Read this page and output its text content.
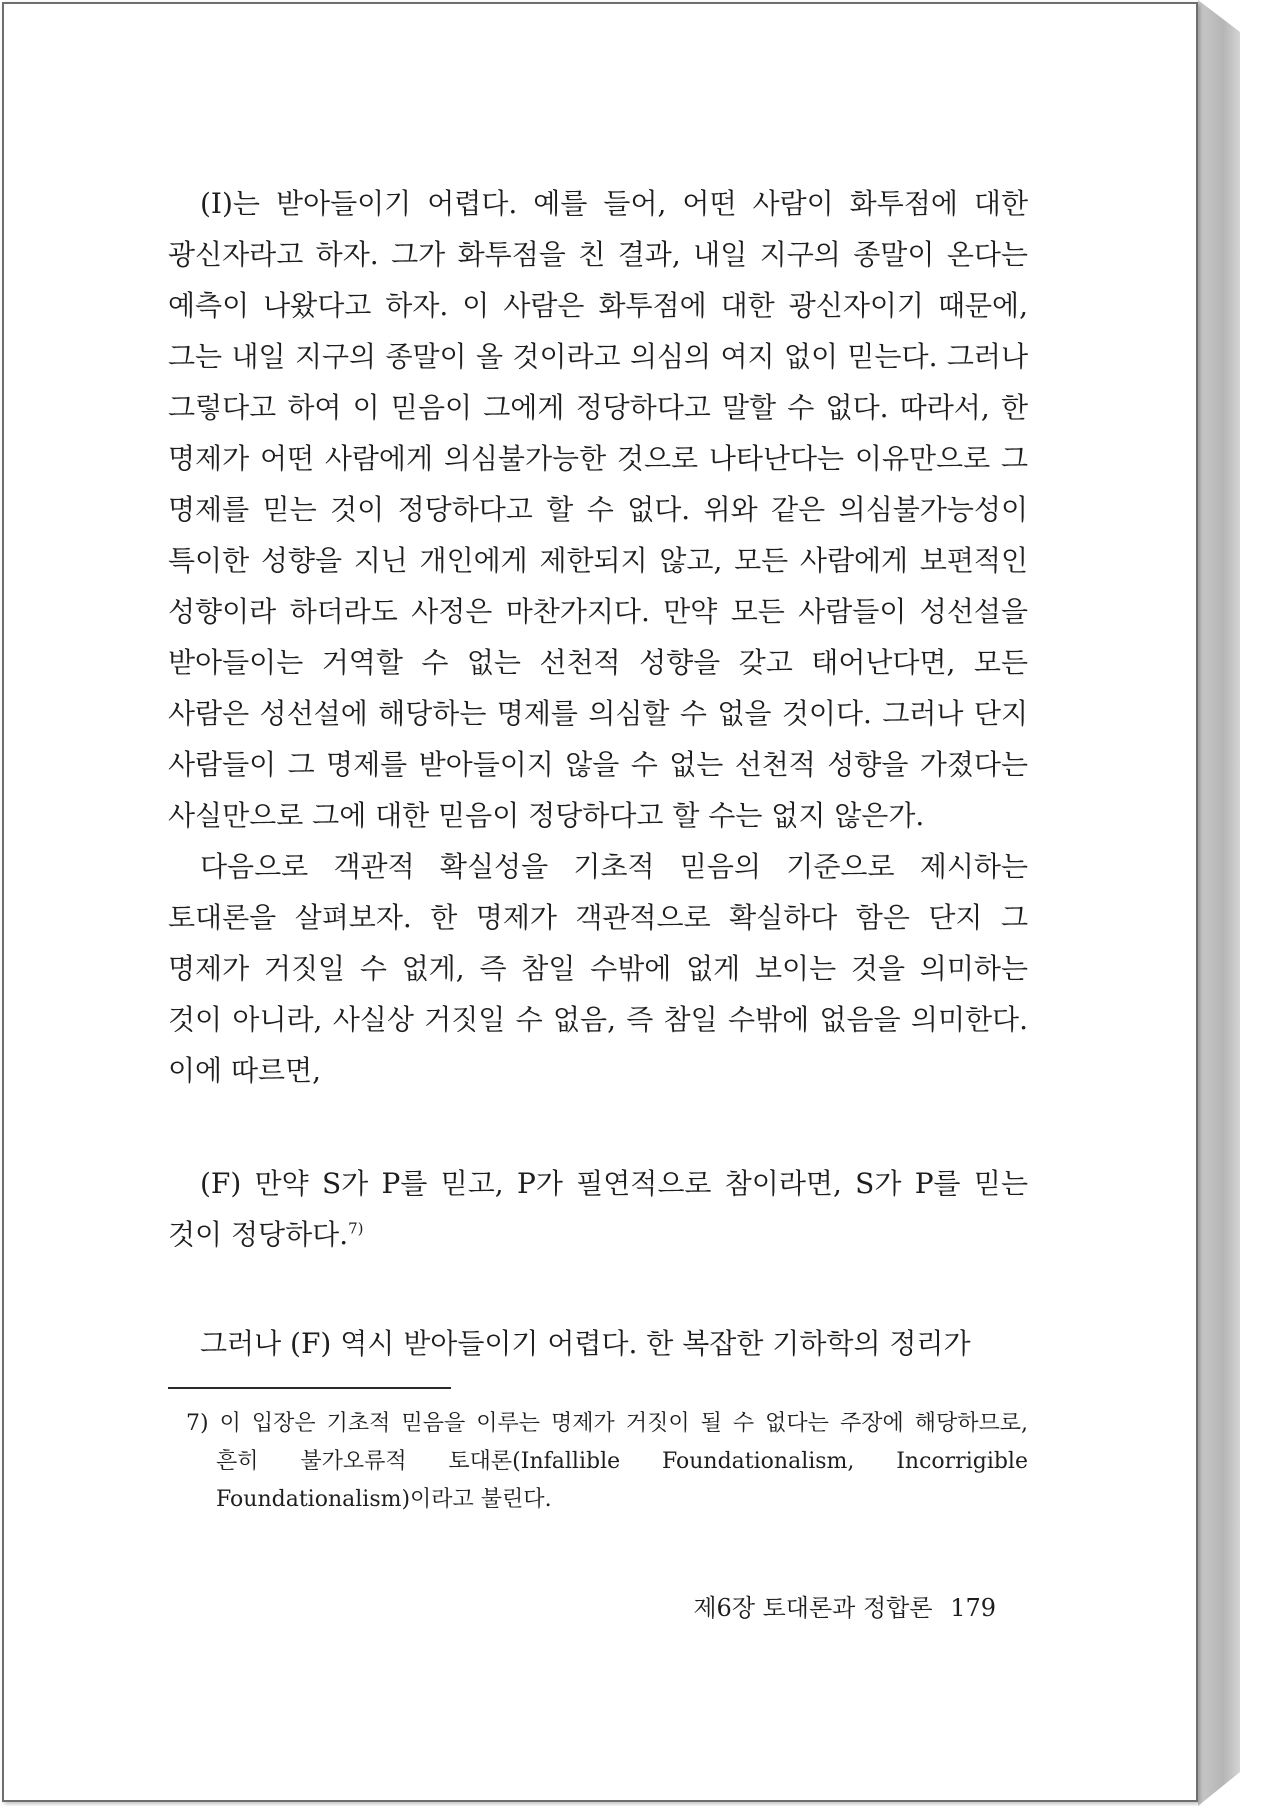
(I)는 받아들이기 어렵다. 예를 들어, 어떤 사람이 화투점에 대한 광신자라고 하자. 그가 화투점을 친 결과, 내일 지구의 종말이 온다는 예측이 나왔다고 하자. 이 사람은 화투점에 대한 광신자이기 때문에, 그는 내일 지구의 종말이 올 것이라고 의심의 여지 없이 믿는다. 그러나 그렇다고 하여 이 믿음이 그에게 정당하다고 말할 수 없다. 따라서, 한 명제가 어떤 사람에게 의심불가능한 것으로 나타난다는 이유만으로 그 명제를 믿는 것이 정당하다고 할 수 없다. 위와 같은 의심불가능성이 특이한 성향을 지닌 개인에게 제한되지 않고, 모든 사람에게 보편적인 성향이라 하더라도 사정은 마찬가지다. 만약 모든 사람들이 성선설을 받아들이는 거역할 수 없는 선천적 성향을 갖고 태어난다면, 모든 사람은 성선설에 해당하는 명제를 의심할 수 없을 것이다. 그러나 단지 사람들이 그 명제를 받아들이지 않을 수 없는 선천적 성향을 가졌다는 사실만으로 그에 대한 믿음이 정당하다고 할 수는 없지 않은가.

다음으로 객관적 확실성을 기초적 믿음의 기준으로 제시하는 토대론을 살펴보자. 한 명제가 객관적으로 확실하다 함은 단지 그 명제가 거짓일 수 없게, 즉 참일 수밖에 없게 보이는 것을 의미하는 것이 아니라, 사실상 거짓일 수 없음, 즉 참일 수밖에 없음을 의미한다. 이에 따르면,

(F) 만약 S가 P를 믿고, P가 필연적으로 참이라면, S가 P를 믿는 것이 정당하다.$^{7)}$

그러나 (F) 역시 받아들이기 어렵다. 한 복잡한 기하학의 정리가

7) 이 입장은 기초적 믿음을 이루는 명제가 거짓이 될 수 없다는 주장에 해당하므로, 흔히 불가오류적 토대론(Infallible Foundationalism, Incorrigible Foundationalism)이라고 불린다.

제6장 토대론과 정합론 179
